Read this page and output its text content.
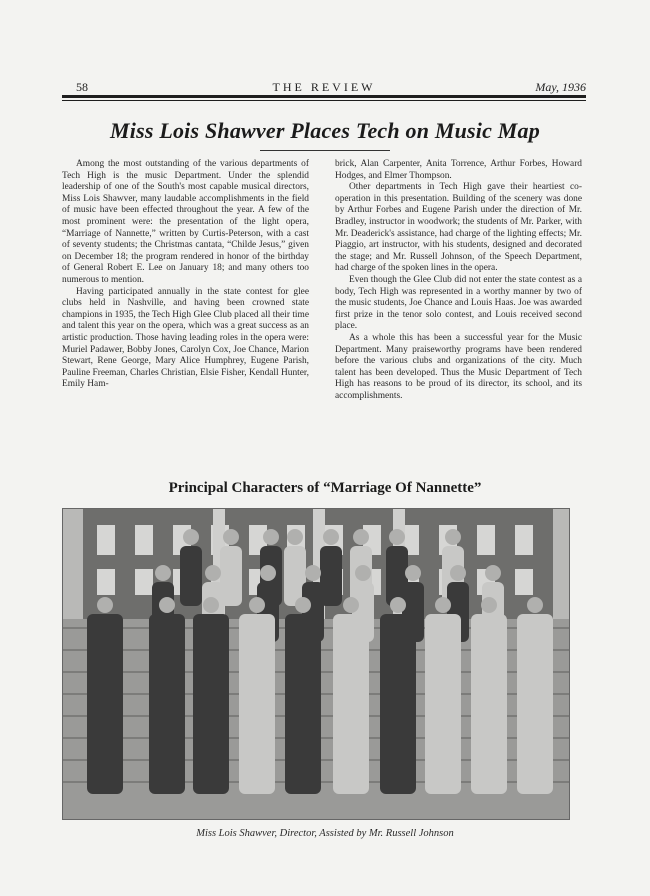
58	THE REVIEW	May, 1936
Miss Lois Shawver Places Tech on Music Map

Among the most outstanding of the various departments of Tech High is the music Department. Under the splendid leadership of one of the South's most capable musical directors, Miss Lois Shawver, many laudable accomplishments in the field of music have been effected throughout the year. A few of the most prominent were: the presentation of the light opera, “Marriage of Nannette,” written by Curtis-Peterson, with a cast of seventy students; the Christmas cantata, “Childe Jesus,” given on December 18; the program rendered in honor of the birthday of General Robert E. Lee on January 18; and many others too numerous to mention.

Having participated annually in the state contest for glee clubs held in Nashville, and having been crowned state champions in 1935, the Tech High Glee Club placed all their time and talent this year on the opera, which was a great success as an artistic production. Those having leading roles in the opera were: Muriel Padawer, Bobby Jones, Carolyn Cox, Joe Chance, Marion Stewart, Rene George, Mary Alice Humphrey, Eugene Parish, Pauline Freeman, Charles Christian, Elsie Fisher, Kendall Hunter, Emily Ham-

brick, Alan Carpenter, Anita Torrence, Arthur Forbes, Howard Hodges, and Elmer Thompson.

Other departments in Tech High gave their heartiest co-operation in this presentation. Building of the scenery was done by Arthur Forbes and Eugene Parish under the direction of Mr. Bradley, instructor in woodwork; the students of Mr. Parker, with Mr. Deaderick's assistance, had charge of the lighting effects; Mr. Piaggio, art instructor, with his students, designed and decorated the stage; and Mr. Russell Johnson, of the Speech Department, had charge of the spoken lines in the opera.

Even though the Glee Club did not enter the state contest as a body, Tech High was represented in a worthy manner by two of the music students, Joe Chance and Louis Haas. Joe was awarded first prize in the tenor solo contest, and Louis received second place.

As a whole this has been a successful year for the Music Department. Many praiseworthy programs have been rendered before the various clubs and organizations of the city. Much talent has been developed. Thus the Music Department of Tech High has reasons to be proud of its director, its school, and its accomplishments.

Principal Characters of “Marriage Of Nannette”
Miss Lois Shawver, Director, Assisted by Mr. Russell Johnson
